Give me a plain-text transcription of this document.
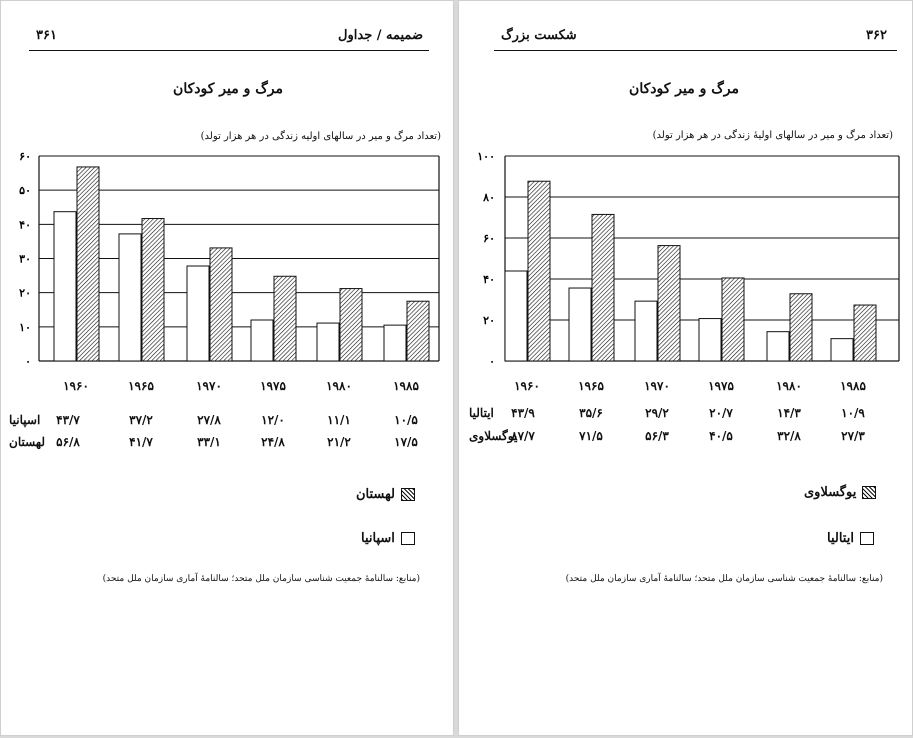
۳۶۱	ضمیمه / جداول
مرگ و میر کودکان
(تعداد مرگ و میر در سالهای اولیه زندگی در هر هزار تولد)
۰
۱۰
۲۰
۳۰
۴۰
۵۰
۶۰
۱۹۶۰	۱۹۶۵	۱۹۷۰	۱۹۷۵	۱۹۸۰	۱۹۸۵
۴۳/۷	۳۷/۲	۲۷/۸	۱۲/۰	۱۱/۱	۱۰/۵
اسپانیا
۵۶/۸	۴۱/۷	۳۳/۱	۲۴/۸	۲۱/۲	۱۷/۵
لهستان
لهستان
اسپانیا
(منابع: سالنامهٔ جمعیت شناسی سازمان ملل متحد؛ سالنامهٔ آماری سازمان ملل متحد)
۳۶۲
شکست بزرگ
مرگ و میر کودکان
(تعداد مرگ و میر در سالهای اولیهٔ زندگی در هر هزار تولد)
۰
۲۰
۴۰
۶۰
۸۰
۱۰۰
۱۹۶۰	۱۹۶۵	۱۹۷۰	۱۹۷۵	۱۹۸۰	۱۹۸۵
۴۳/۹	۳۵/۶	۲۹/۲	۲۰/۷	۱۴/۳	۱۰/۹
ایتالیا
۸۷/۷	۷۱/۵	۵۶/۳	۴۰/۵	۳۲/۸	۲۷/۳
یوگسلاوی
یوگسلاوی
ایتالیا
(منابع: سالنامهٔ جمعیت شناسی سازمان ملل متحد؛ سالنامهٔ آماری سازمان ملل متحد)
